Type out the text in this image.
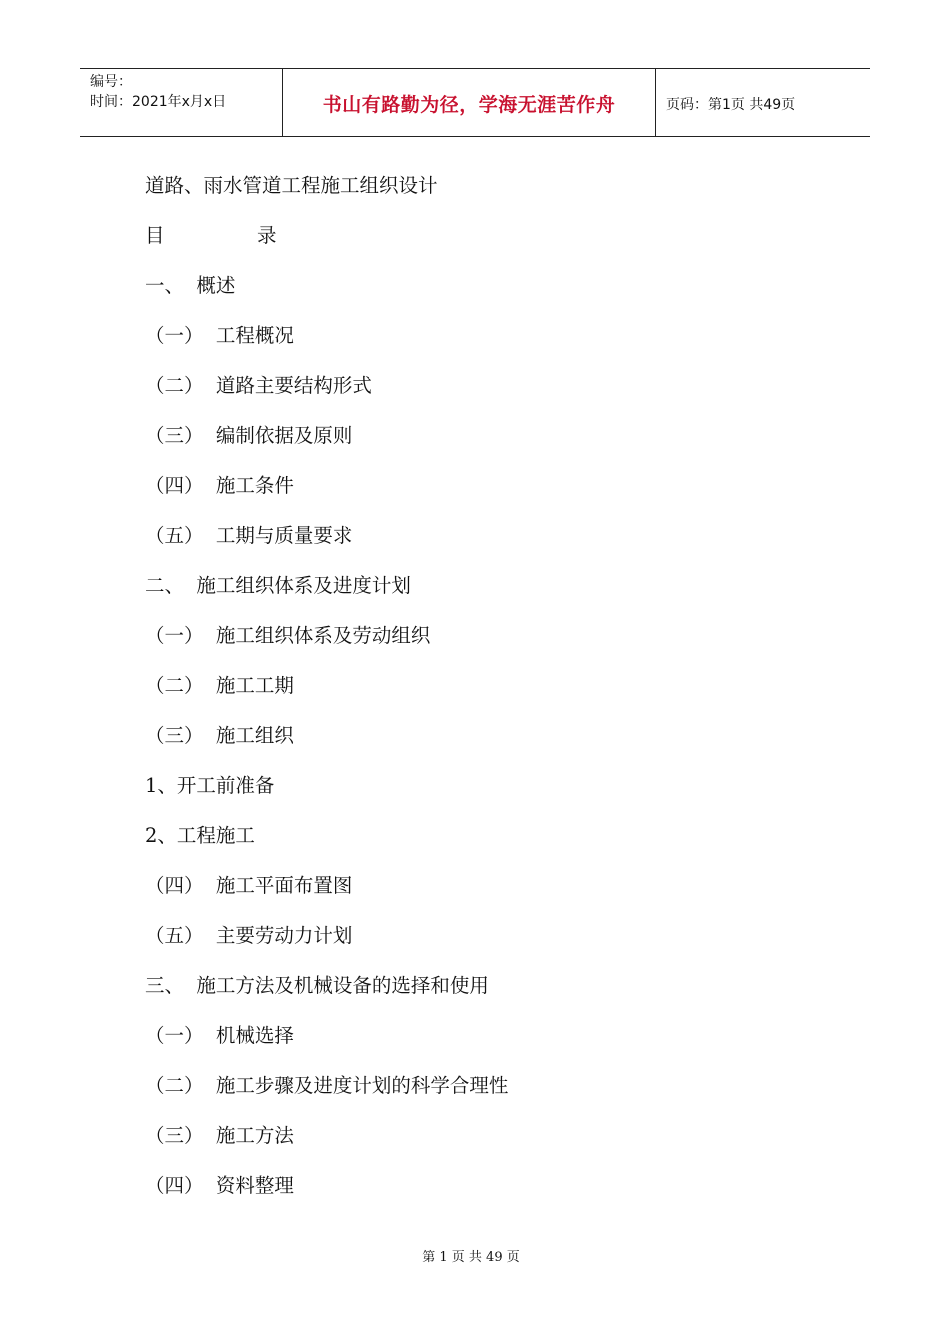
编号：
时间：2021年x月x日	书山有路勤为径，学海无涯苦作舟	页码：第1页 共49页
道路、雨水管道工程施工组织设计
目	录
一、  概述
（一）  工程概况
（二）  道路主要结构形式
（三）  编制依据及原则
（四）  施工条件
（五）  工期与质量要求
二、  施工组织体系及进度计划
（一）  施工组织体系及劳动组织
（二）  施工工期
（三）  施工组织
1、开工前准备
2、工程施工
（四）  施工平面布置图
（五）  主要劳动力计划
三、  施工方法及机械设备的选择和使用
（一）  机械选择
（二）  施工步骤及进度计划的科学合理性
（三）  施工方法
（四）  资料整理
第 1 页 共 49 页
